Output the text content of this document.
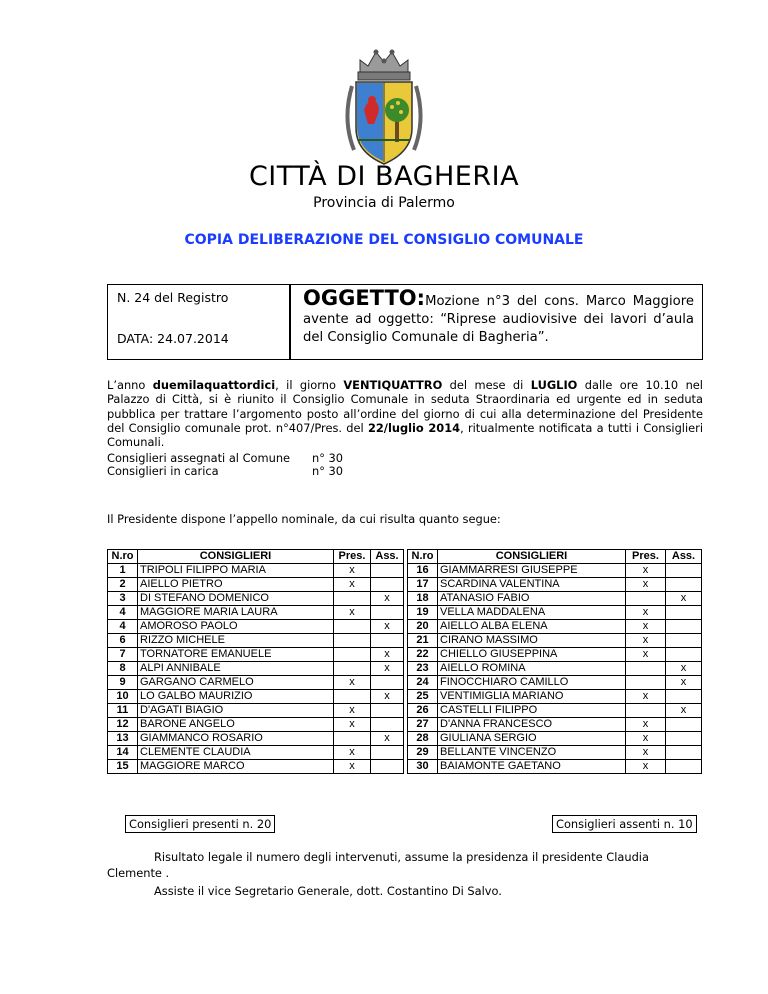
CITTÀ DI BAGHERIA
Provincia di Palermo
COPIA DELIBERAZIONE DEL CONSIGLIO COMUNALE
N. 24 del Registro
DATA: 24.07.2014
OGGETTO:Mozione n°3 del cons. Marco Maggiore avente ad oggetto: “Riprese audiovisive dei lavori d’aula del Consiglio Comunale di Bagheria”.
L’anno duemilaquattordici, il giorno VENTIQUATTRO del mese di LUGLIO dalle ore 10.10 nel Palazzo di Città, si è riunito il Consiglio Comunale in seduta Straordinaria ed urgente ed in seduta pubblica per trattare l’argomento posto all’ordine del giorno di cui alla determinazione del Presidente del Consiglio comunale prot. n°407/Pres. del 22/luglio 2014, ritualmente notificata a tutti i Consiglieri Comunali.
Consiglieri assegnati al Comune n° 30
Consiglieri in carica	n° 30
Il Presidente dispone l’appello nominale, da cui risulta quanto segue:
N.ro	CONSIGLIERI	Pres.	Ass.
1	TRIPOLI FILIPPO MARIA	x	
2	AIELLO PIETRO	x	
3	DI STEFANO DOMENICO		x
4	MAGGIORE MARIA LAURA	x	
4	AMOROSO PAOLO		x
6	RIZZO MICHELE		
7	TORNATORE EMANUELE		x
8	ALPI ANNIBALE		x
9	GARGANO CARMELO	x	
10	LO GALBO MAURIZIO		x
11	D'AGATI BIAGIO	x	
12	BARONE ANGELO	x	
13	GIAMMANCO ROSARIO		x
14	CLEMENTE CLAUDIA	x	
15	MAGGIORE MARCO	x	
N.ro	CONSIGLIERI	Pres.	Ass.
16	GIAMMARRESI GIUSEPPE	x	
17	SCARDINA VALENTINA	x	
18	ATANASIO FABIO		x
19	VELLA MADDALENA	x	
20	AIELLO ALBA ELENA	x	
21	CIRANO MASSIMO	x	
22	CHIELLO GIUSEPPINA	x	
23	AIELLO ROMINA		x
24	FINOCCHIARO CAMILLO		x
25	VENTIMIGLIA MARIANO	x	
26	CASTELLI FILIPPO		x
27	D'ANNA FRANCESCO	x	
28	GIULIANA SERGIO	x	
29	BELLANTE VINCENZO	x	
30	BAIAMONTE GAETANO	x	
Consiglieri presenti n. 20	Consiglieri assenti n. 10
Risultato legale il numero degli intervenuti, assume la presidenza il presidente Claudia Clemente .
Assiste il vice Segretario Generale, dott. Costantino Di Salvo.
